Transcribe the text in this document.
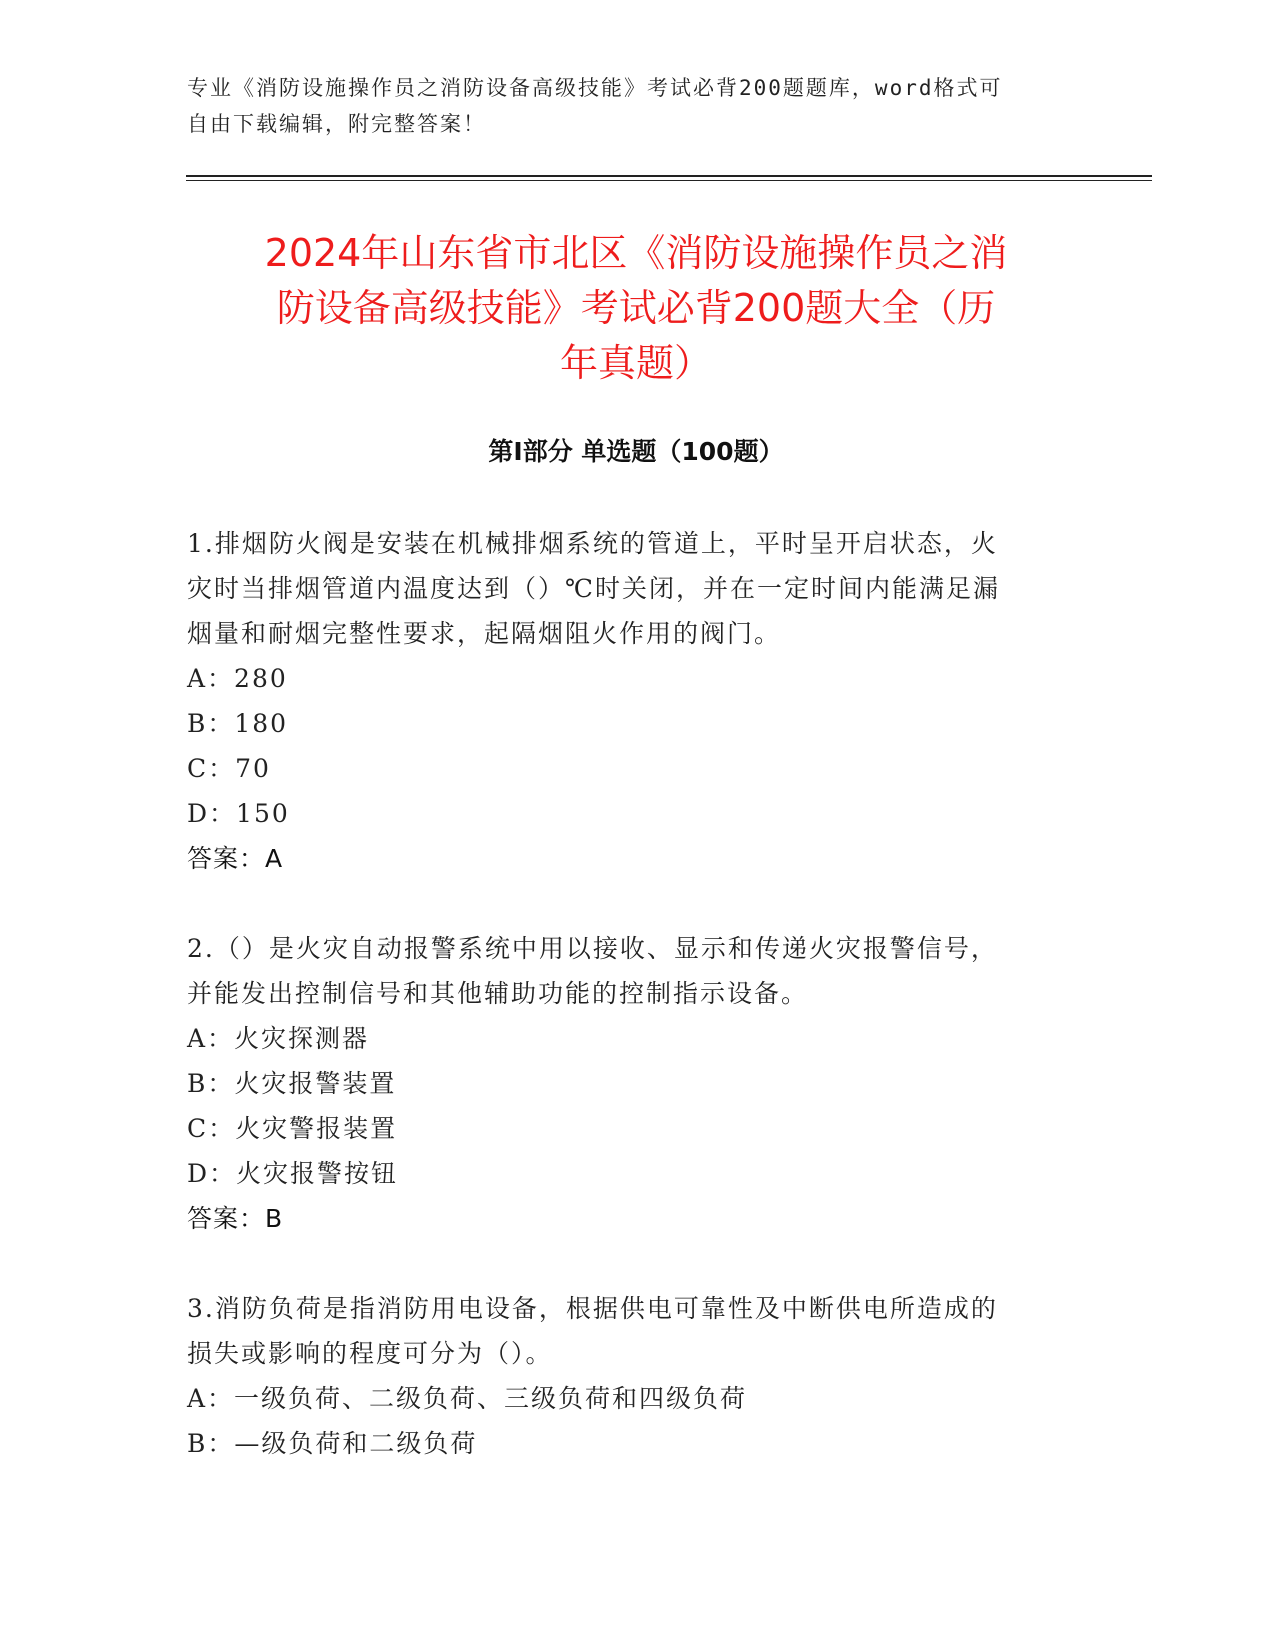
专业《消防设施操作员之消防设备高级技能》考试必背200题题库，word格式可
自由下载编辑，附完整答案！
2024年山东省市北区《消防设施操作员之消
防设备高级技能》考试必背200题大全（历
年真题）
第Ⅰ部分 单选题（100题）
1.排烟防火阀是安装在机械排烟系统的管道上，平时呈开启状态，火
灾时当排烟管道内温度达到（）℃时关闭，并在一定时间内能满足漏
烟量和耐烟完整性要求，起隔烟阻火作用的阀门。
A：280
B：180
C：70
D：150
答案：A
2.（）是火灾自动报警系统中用以接收、显示和传递火灾报警信号，
并能发出控制信号和其他辅助功能的控制指示设备。
A：火灾探测器
B：火灾报警装置
C：火灾警报装置
D：火灾报警按钮
答案：B
3.消防负荷是指消防用电设备，根据供电可靠性及中断供电所造成的
损失或影响的程度可分为（）。
A：一级负荷、二级负荷、三级负荷和四级负荷
B：—级负荷和二级负荷
